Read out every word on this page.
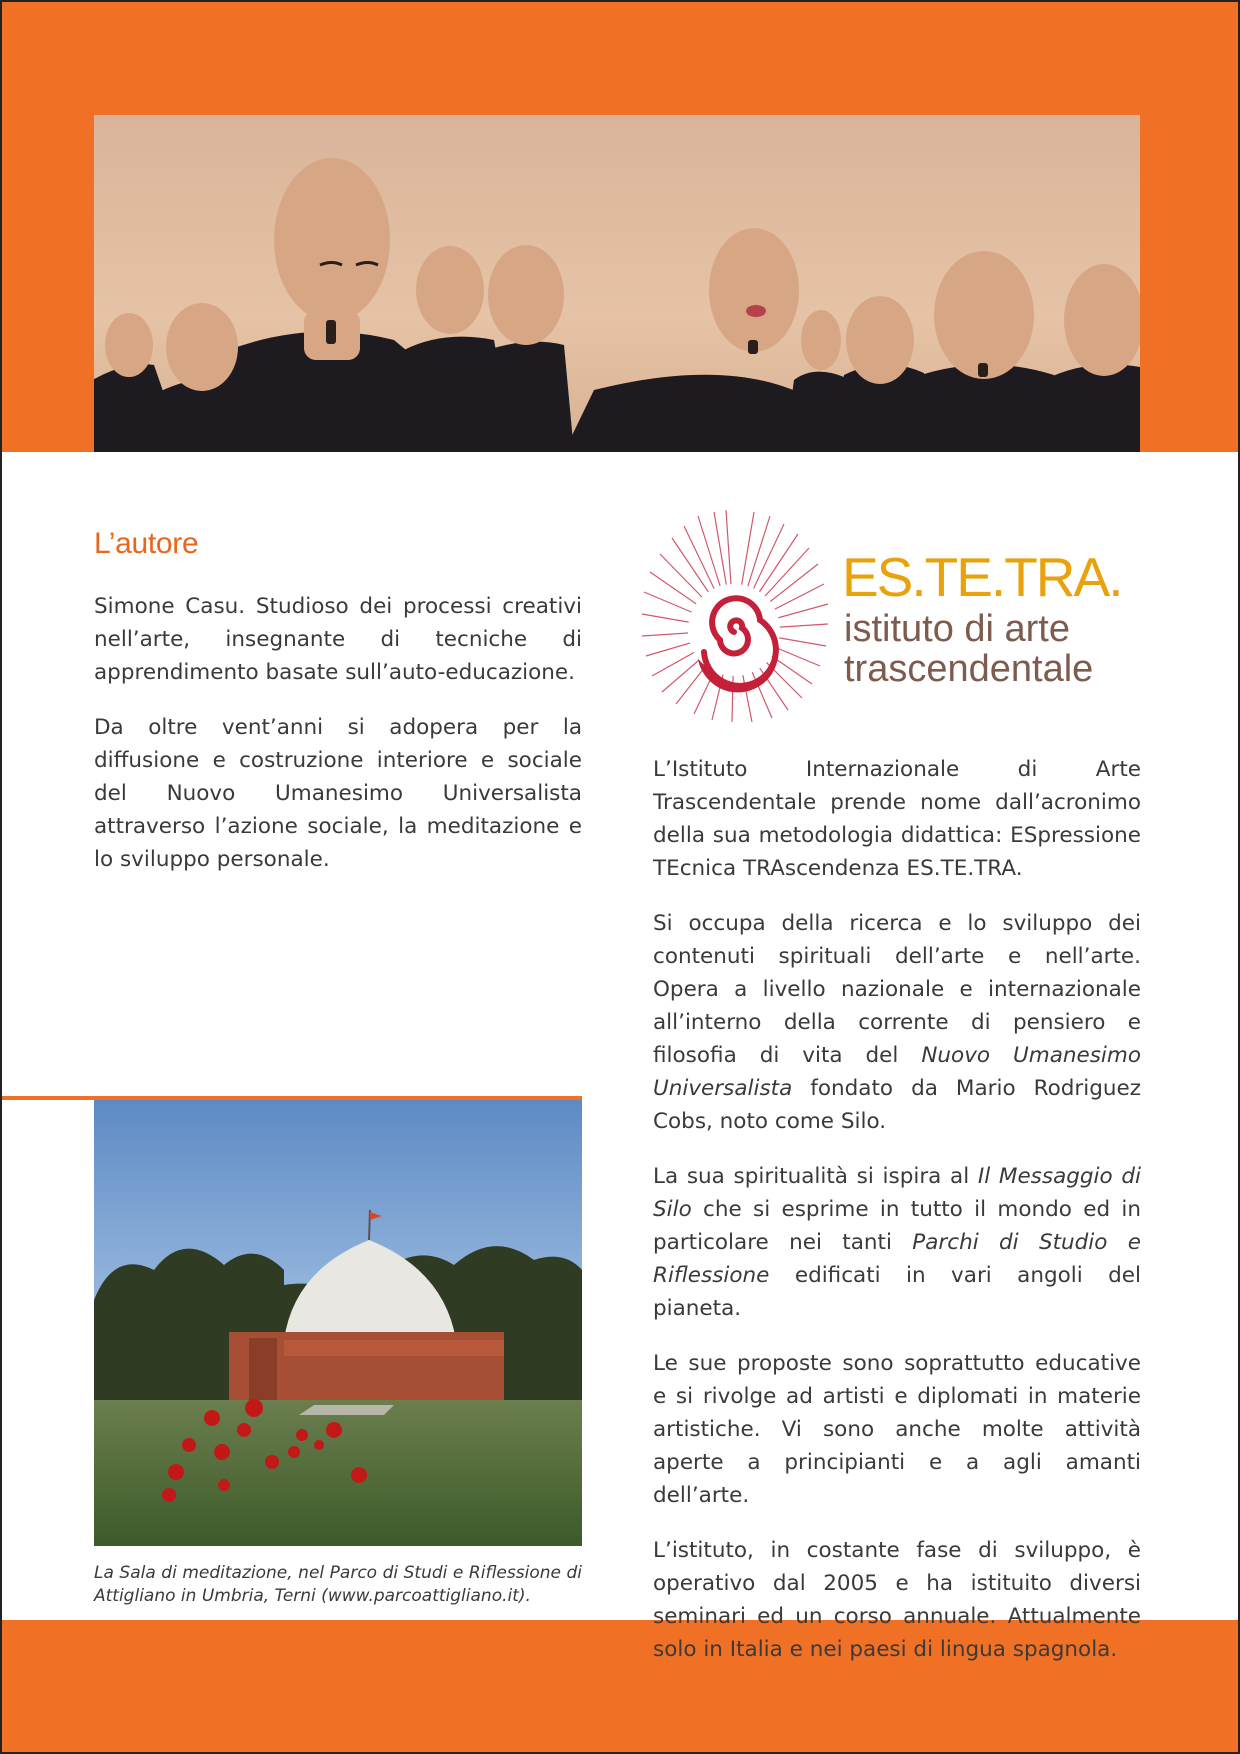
L’autore

Simone Casu. Studioso dei processi creativi nell’arte, insegnante di tecniche di apprendimento basate sull’auto-educazione.

Da oltre vent’anni si adopera per la diffusione e costruzione interiore e sociale del Nuovo Umanesimo Universalista attraverso l’azione sociale, la meditazione e lo sviluppo personale.

ES.TE.TRA.
istituto di arte
trascendentale

L’Istituto Internazionale di Arte Trascendentale prende nome dall’acronimo della sua metodologia didattica: ESpressione TEcnica TRAscendenza ES.TE.TRA.

Si occupa della ricerca e lo sviluppo dei contenuti spirituali dell’arte e nell’arte. Opera a livello nazionale e internazionale all’interno della corrente di pensiero e filosofia di vita del Nuovo Umanesimo Universalista fondato da Mario Rodriguez Cobs, noto come Silo.

La sua spiritualità si ispira al Il Messaggio di Silo che si esprime in tutto il mondo ed in particolare nei tanti Parchi di Studio e Riflessione edificati in vari angoli del pianeta.

Le sue proposte sono soprattutto educative e si rivolge ad artisti e diplomati in materie artistiche. Vi sono anche molte attività aperte a principianti e a agli amanti dell’arte.

L’istituto, in costante fase di sviluppo, è operativo dal 2005 e ha istituito diversi seminari ed un corso annuale. Attualmente solo in Italia e nei paesi di lingua spagnola.

La Sala di meditazione, nel Parco di Studi e Riflessione di Attigliano in Umbria, Terni (www.parcoattigliano.it).
